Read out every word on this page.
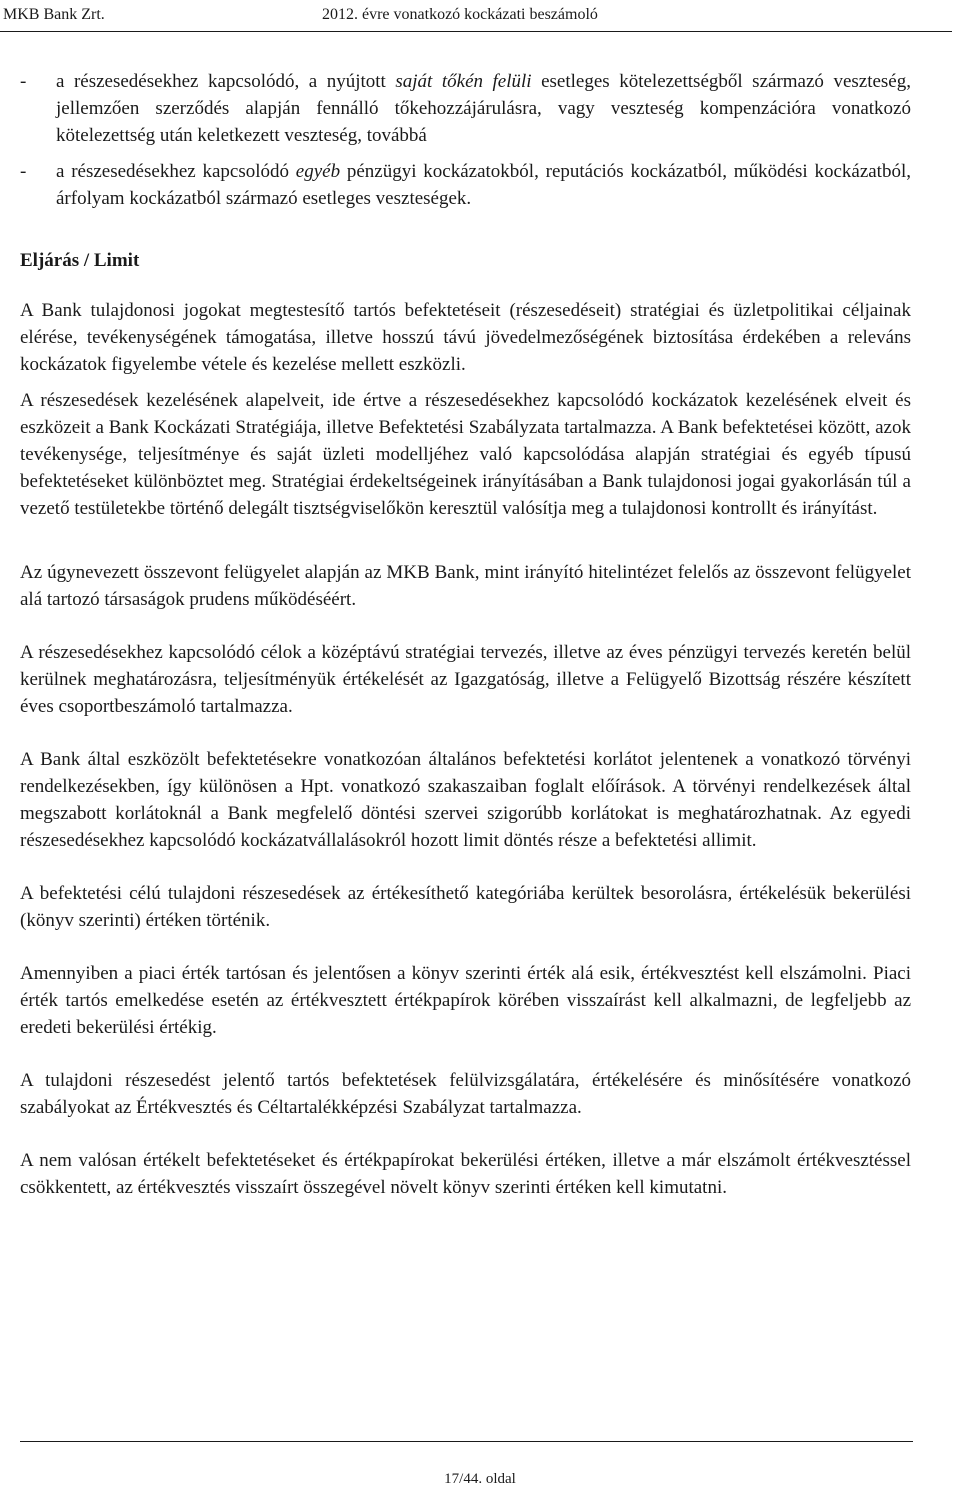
MKB Bank Zrt.	2012. évre vonatkozó kockázati beszámoló
- a részesedésekhez kapcsolódó, a nyújtott saját tőkén felüli esetleges kötelezettségből származó veszteség, jellemzően szerződés alapján fennálló tőkehozzájárulásra, vagy veszteség kompenzációra vonatkozó kötelezettség után keletkezett veszteség, továbbá
- a részesedésekhez kapcsolódó egyéb pénzügyi kockázatokból, reputációs kockázatból, működési kockázatból, árfolyam kockázatból származó esetleges veszteségek.
Eljárás / Limit

A Bank tulajdonosi jogokat megtestesítő tartós befektetéseit (részesedéseit) stratégiai és üzletpolitikai céljainak elérése, tevékenységének támogatása, illetve hosszú távú jövedelmezőségének biztosítása érdekében a releváns kockázatok figyelembe vétele és kezelése mellett eszközli.

A részesedések kezelésének alapelveit, ide értve a részesedésekhez kapcsolódó kockázatok kezelésének elveit és eszközeit a Bank Kockázati Stratégiája, illetve Befektetési Szabályzata tartalmazza. A Bank befektetései között, azok tevékenysége, teljesítménye és saját üzleti modelljéhez való kapcsolódása alapján stratégiai és egyéb típusú befektetéseket különböztet meg. Stratégiai érdekeltségeinek irányításában a Bank tulajdonosi jogai gyakorlásán túl a vezető testületekbe történő delegált tisztségviselőkön keresztül valósítja meg a tulajdonosi kontrollt és irányítást.

Az úgynevezett összevont felügyelet alapján az MKB Bank, mint irányító hitelintézet felelős az összevont felügyelet alá tartozó társaságok prudens működéséért.

A részesedésekhez kapcsolódó célok a középtávú stratégiai tervezés, illetve az éves pénzügyi tervezés keretén belül kerülnek meghatározásra, teljesítményük értékelését az Igazgatóság, illetve a Felügyelő Bizottság részére készített éves csoportbeszámoló tartalmazza.

A Bank által eszközölt befektetésekre vonatkozóan általános befektetési korlátot jelentenek a vonatkozó törvényi rendelkezésekben, így különösen a Hpt. vonatkozó szakaszaiban foglalt előírások. A törvényi rendelkezések által megszabott korlátoknál a Bank megfelelő döntési szervei szigorúbb korlátokat is meghatározhatnak. Az egyedi részesedésekhez kapcsolódó kockázatvállalásokról hozott limit döntés része a befektetési allimit.

A befektetési célú tulajdoni részesedések az értékesíthető kategóriába kerültek besorolásra, értékelésük bekerülési (könyv szerinti) értéken történik.

Amennyiben a piaci érték tartósan és jelentősen a könyv szerinti érték alá esik, értékvesztést kell elszámolni. Piaci érték tartós emelkedése esetén az értékvesztett értékpapírok körében visszaírást kell alkalmazni, de legfeljebb az eredeti bekerülési értékig.

A tulajdoni részesedést jelentő tartós befektetések felülvizsgálatára, értékelésére és minősítésére vonatkozó szabályokat az Értékvesztés és Céltartalékképzési Szabályzat tartalmazza.

A nem valósan értékelt befektetéseket és értékpapírokat bekerülési értéken, illetve a már elszámolt értékvesztéssel csökkentett, az értékvesztés visszaírt összegével növelt könyv szerinti értéken kell kimutatni.

17/44. oldal
